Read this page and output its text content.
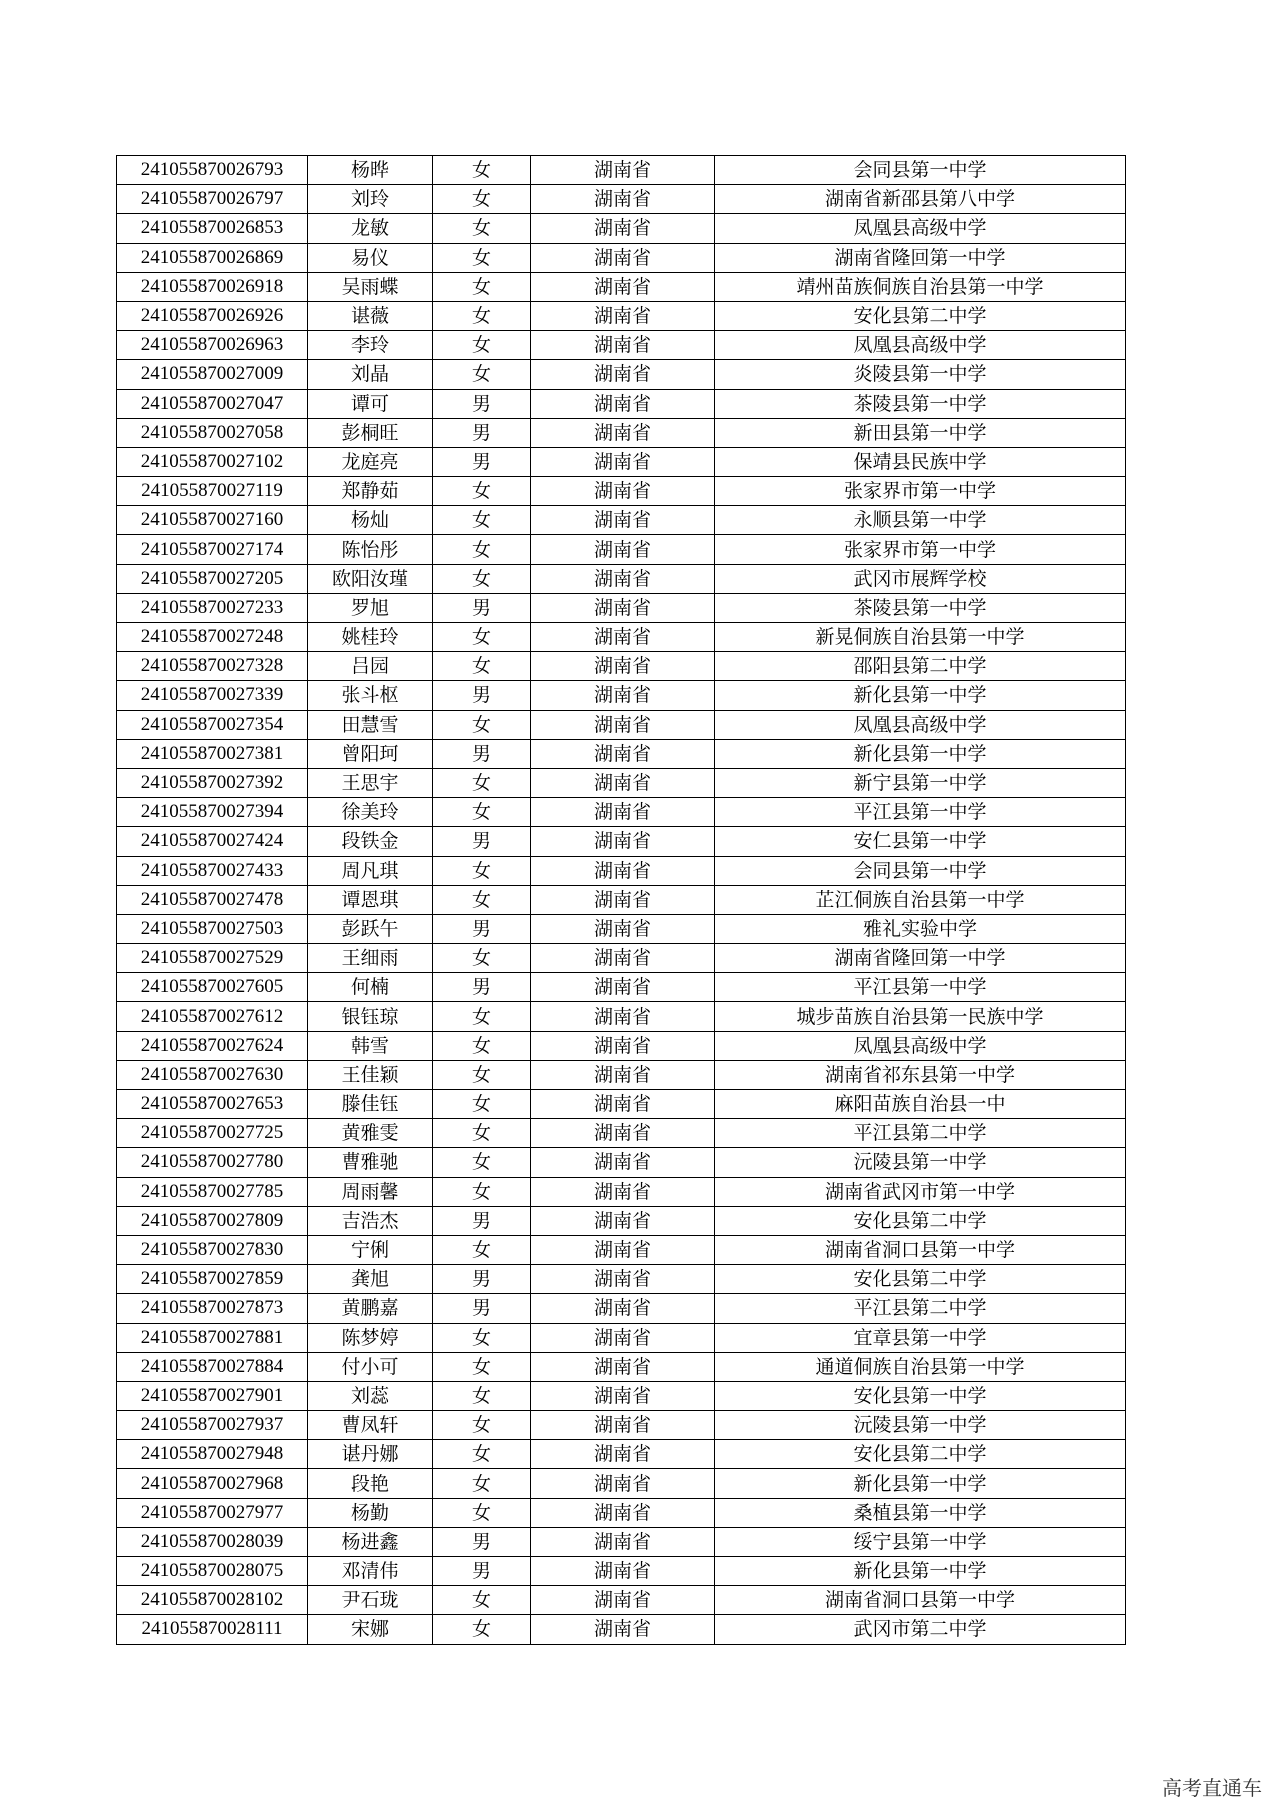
241055870026793	杨晔	女	湖南省	会同县第一中学
241055870026797	刘玲	女	湖南省	湖南省新邵县第八中学
241055870026853	龙敏	女	湖南省	凤凰县高级中学
241055870026869	易仪	女	湖南省	湖南省隆回第一中学
241055870026918	吴雨蝶	女	湖南省	靖州苗族侗族自治县第一中学
241055870026926	谌薇	女	湖南省	安化县第二中学
241055870026963	李玲	女	湖南省	凤凰县高级中学
241055870027009	刘晶	女	湖南省	炎陵县第一中学
241055870027047	谭可	男	湖南省	茶陵县第一中学
241055870027058	彭桐旺	男	湖南省	新田县第一中学
241055870027102	龙庭亮	男	湖南省	保靖县民族中学
241055870027119	郑静茹	女	湖南省	张家界市第一中学
241055870027160	杨灿	女	湖南省	永顺县第一中学
241055870027174	陈怡彤	女	湖南省	张家界市第一中学
241055870027205	欧阳汝瑾	女	湖南省	武冈市展辉学校
241055870027233	罗旭	男	湖南省	茶陵县第一中学
241055870027248	姚桂玲	女	湖南省	新晃侗族自治县第一中学
241055870027328	吕园	女	湖南省	邵阳县第二中学
241055870027339	张斗枢	男	湖南省	新化县第一中学
241055870027354	田慧雪	女	湖南省	凤凰县高级中学
241055870027381	曾阳珂	男	湖南省	新化县第一中学
241055870027392	王思宇	女	湖南省	新宁县第一中学
241055870027394	徐美玲	女	湖南省	平江县第一中学
241055870027424	段铁金	男	湖南省	安仁县第一中学
241055870027433	周凡琪	女	湖南省	会同县第一中学
241055870027478	谭恩琪	女	湖南省	芷江侗族自治县第一中学
241055870027503	彭跃午	男	湖南省	雅礼实验中学
241055870027529	王细雨	女	湖南省	湖南省隆回第一中学
241055870027605	何楠	男	湖南省	平江县第一中学
241055870027612	银钰琼	女	湖南省	城步苗族自治县第一民族中学
241055870027624	韩雪	女	湖南省	凤凰县高级中学
241055870027630	王佳颖	女	湖南省	湖南省祁东县第一中学
241055870027653	滕佳钰	女	湖南省	麻阳苗族自治县一中
241055870027725	黄雅雯	女	湖南省	平江县第二中学
241055870027780	曹雅驰	女	湖南省	沅陵县第一中学
241055870027785	周雨馨	女	湖南省	湖南省武冈市第一中学
241055870027809	吉浩杰	男	湖南省	安化县第二中学
241055870027830	宁俐	女	湖南省	湖南省洞口县第一中学
241055870027859	龚旭	男	湖南省	安化县第二中学
241055870027873	黄鹏嘉	男	湖南省	平江县第二中学
241055870027881	陈梦婷	女	湖南省	宜章县第一中学
241055870027884	付小可	女	湖南省	通道侗族自治县第一中学
241055870027901	刘蕊	女	湖南省	安化县第一中学
241055870027937	曹凤轩	女	湖南省	沅陵县第一中学
241055870027948	谌丹娜	女	湖南省	安化县第二中学
241055870027968	段艳	女	湖南省	新化县第一中学
241055870027977	杨勤	女	湖南省	桑植县第一中学
241055870028039	杨进鑫	男	湖南省	绥宁县第一中学
241055870028075	邓清伟	男	湖南省	新化县第一中学
241055870028102	尹石珑	女	湖南省	湖南省洞口县第一中学
241055870028111	宋娜	女	湖南省	武冈市第二中学
高考直通车
